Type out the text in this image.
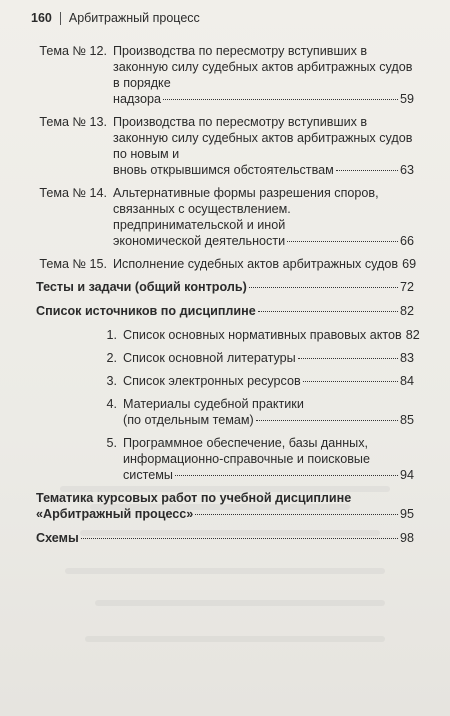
160 Арбитражный процесс
Тема № 12. Производства по пересмотру вступивших в законную силу судебных актов арбитражных судов в порядке
надзора	59
Тема № 13. Производства по пересмотру вступивших в законную силу судебных актов арбитражных судов по новым и
вновь открывшимся обстоятельствам	63
Тема № 14. Альтернативные формы разрешения споров, связанных с осуществлением. предпринимательской и иной
экономической деятельности	66
Тема № 15. Исполнение судебных актов арбитражных судов 69
Тесты и задачи (общий контроль)	72
Список источников по дисциплине	82
1. Список основных нормативных правовых актов 82
2. Список основной литературы	83
3. Список электронных ресурсов	84
4. Материалы судебной практики
(по отдельным темам)	85
5. Программное обеспечение, базы данных, информационно-справочные и поисковые
системы	94
Тематика курсовых работ по учебной дисциплине
«Арбитражный процесс»	95
Схемы	98
